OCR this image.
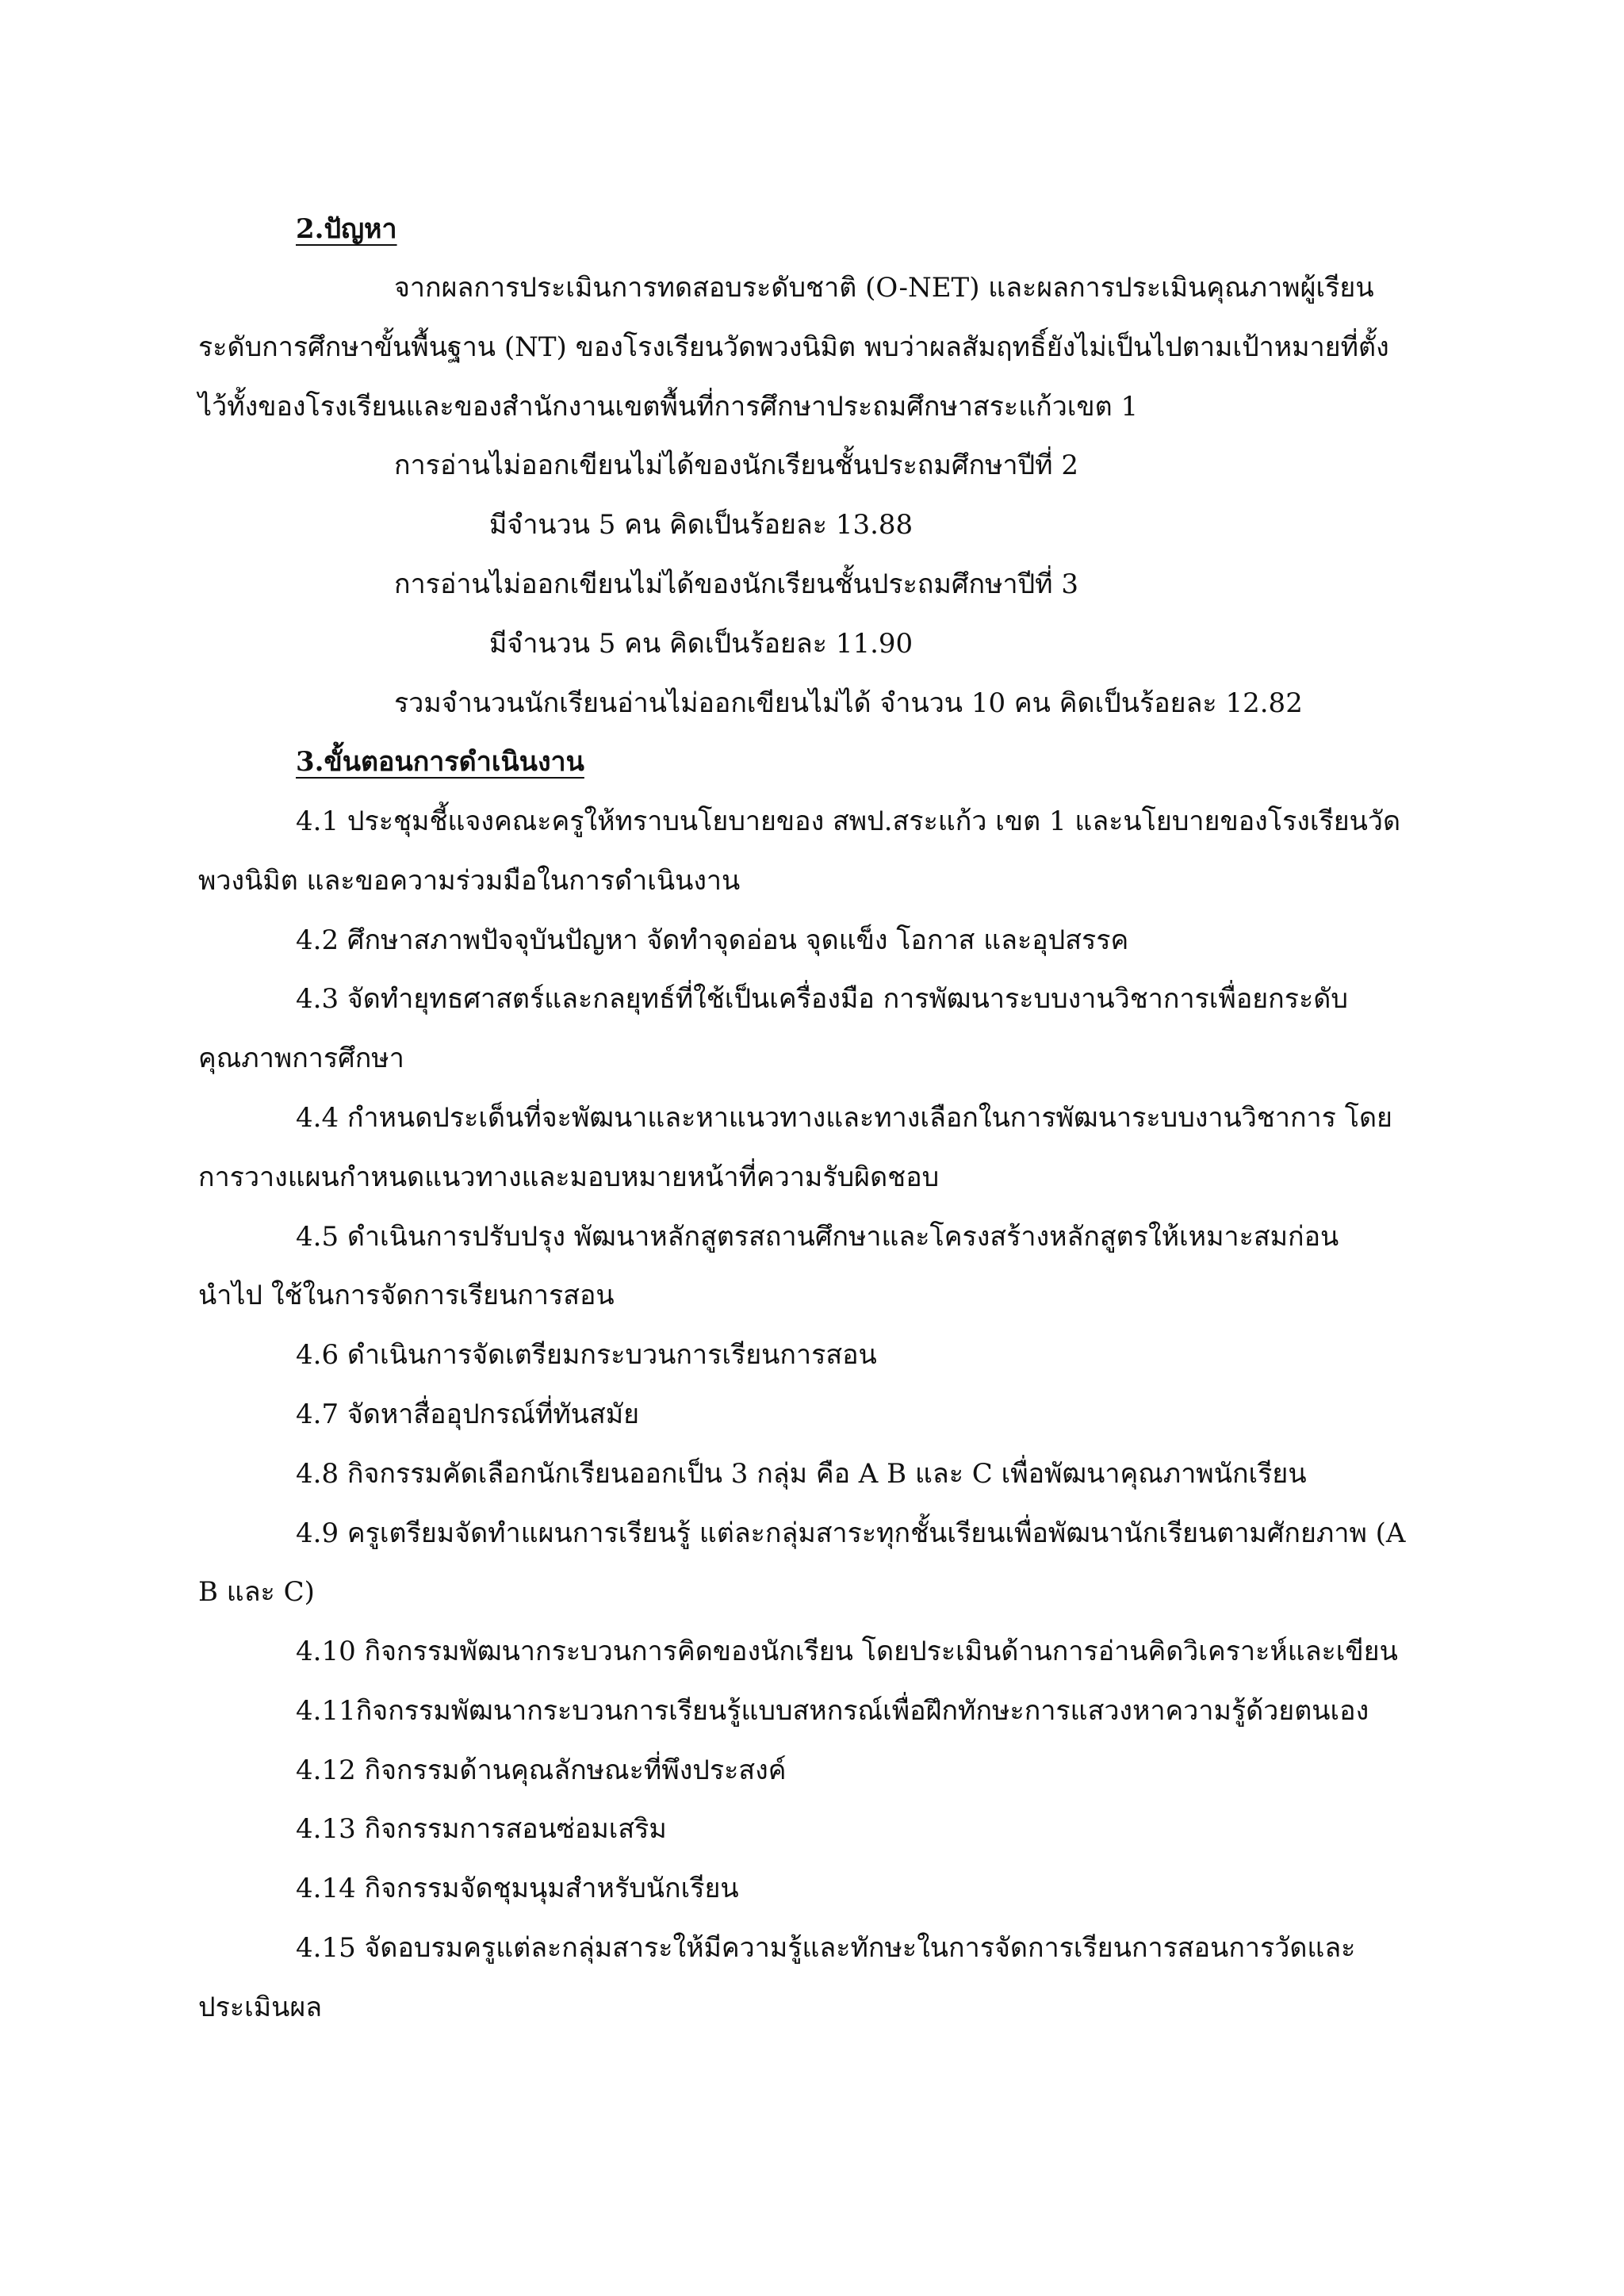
2.ปัญหา
จากผลการประเมินการทดสอบระดับชาติ (O-NET) และผลการประเมินคุณภาพผู้เรียน
ระดับการศึกษาขั้นพื้นฐาน (NT) ของโรงเรียนวัดพวงนิมิต พบว่าผลสัมฤทธิ์ยังไม่เป็นไปตามเป้าหมายที่ตั้ง
ไว้ทั้งของโรงเรียนและของสำนักงานเขตพื้นที่การศึกษาประถมศึกษาสระแก้วเขต 1
การอ่านไม่ออกเขียนไม่ได้ของนักเรียนชั้นประถมศึกษาปีที่ 2
มีจำนวน 5 คน คิดเป็นร้อยละ 13.88
การอ่านไม่ออกเขียนไม่ได้ของนักเรียนชั้นประถมศึกษาปีที่ 3
มีจำนวน 5 คน คิดเป็นร้อยละ 11.90
รวมจำนวนนักเรียนอ่านไม่ออกเขียนไม่ได้ จำนวน 10 คน คิดเป็นร้อยละ 12.82
3.ขั้นตอนการดำเนินงาน
4.1 ประชุมชี้แจงคณะครูให้ทราบนโยบายของ สพป.สระแก้ว เขต 1 และนโยบายของโรงเรียนวัด
พวงนิมิต และขอความร่วมมือในการดำเนินงาน
4.2 ศึกษาสภาพปัจจุบันปัญหา จัดทำจุดอ่อน จุดแข็ง โอกาส และอุปสรรค
4.3 จัดทำยุทธศาสตร์และกลยุทธ์ที่ใช้เป็นเครื่องมือ การพัฒนาระบบงานวิชาการเพื่อยกระดับ
คุณภาพการศึกษา
4.4 กำหนดประเด็นที่จะพัฒนาและหาแนวทางและทางเลือกในการพัฒนาระบบงานวิชาการ โดย
การวางแผนกำหนดแนวทางและมอบหมายหน้าที่ความรับผิดชอบ
4.5 ดำเนินการปรับปรุง พัฒนาหลักสูตรสถานศึกษาและโครงสร้างหลักสูตรให้เหมาะสมก่อน
นำไป ใช้ในการจัดการเรียนการสอน
4.6 ดำเนินการจัดเตรียมกระบวนการเรียนการสอน
4.7 จัดหาสื่ออุปกรณ์ที่ทันสมัย
4.8 กิจกรรมคัดเลือกนักเรียนออกเป็น 3 กลุ่ม คือ A B และ C เพื่อพัฒนาคุณภาพนักเรียน
4.9 ครูเตรียมจัดทำแผนการเรียนรู้ แต่ละกลุ่มสาระทุกชั้นเรียนเพื่อพัฒนานักเรียนตามศักยภาพ (A
B และ C)
4.10 กิจกรรมพัฒนากระบวนการคิดของนักเรียน โดยประเมินด้านการอ่านคิดวิเคราะห์และเขียน
4.11กิจกรรมพัฒนากระบวนการเรียนรู้แบบสหกรณ์เพื่อฝึกทักษะการแสวงหาความรู้ด้วยตนเอง
4.12 กิจกรรมด้านคุณลักษณะที่พึงประสงค์
4.13 กิจกรรมการสอนซ่อมเสริม
4.14 กิจกรรมจัดชุมนุมสำหรับนักเรียน
4.15 จัดอบรมครูแต่ละกลุ่มสาระให้มีความรู้และทักษะในการจัดการเรียนการสอนการวัดและ
ประเมินผล
